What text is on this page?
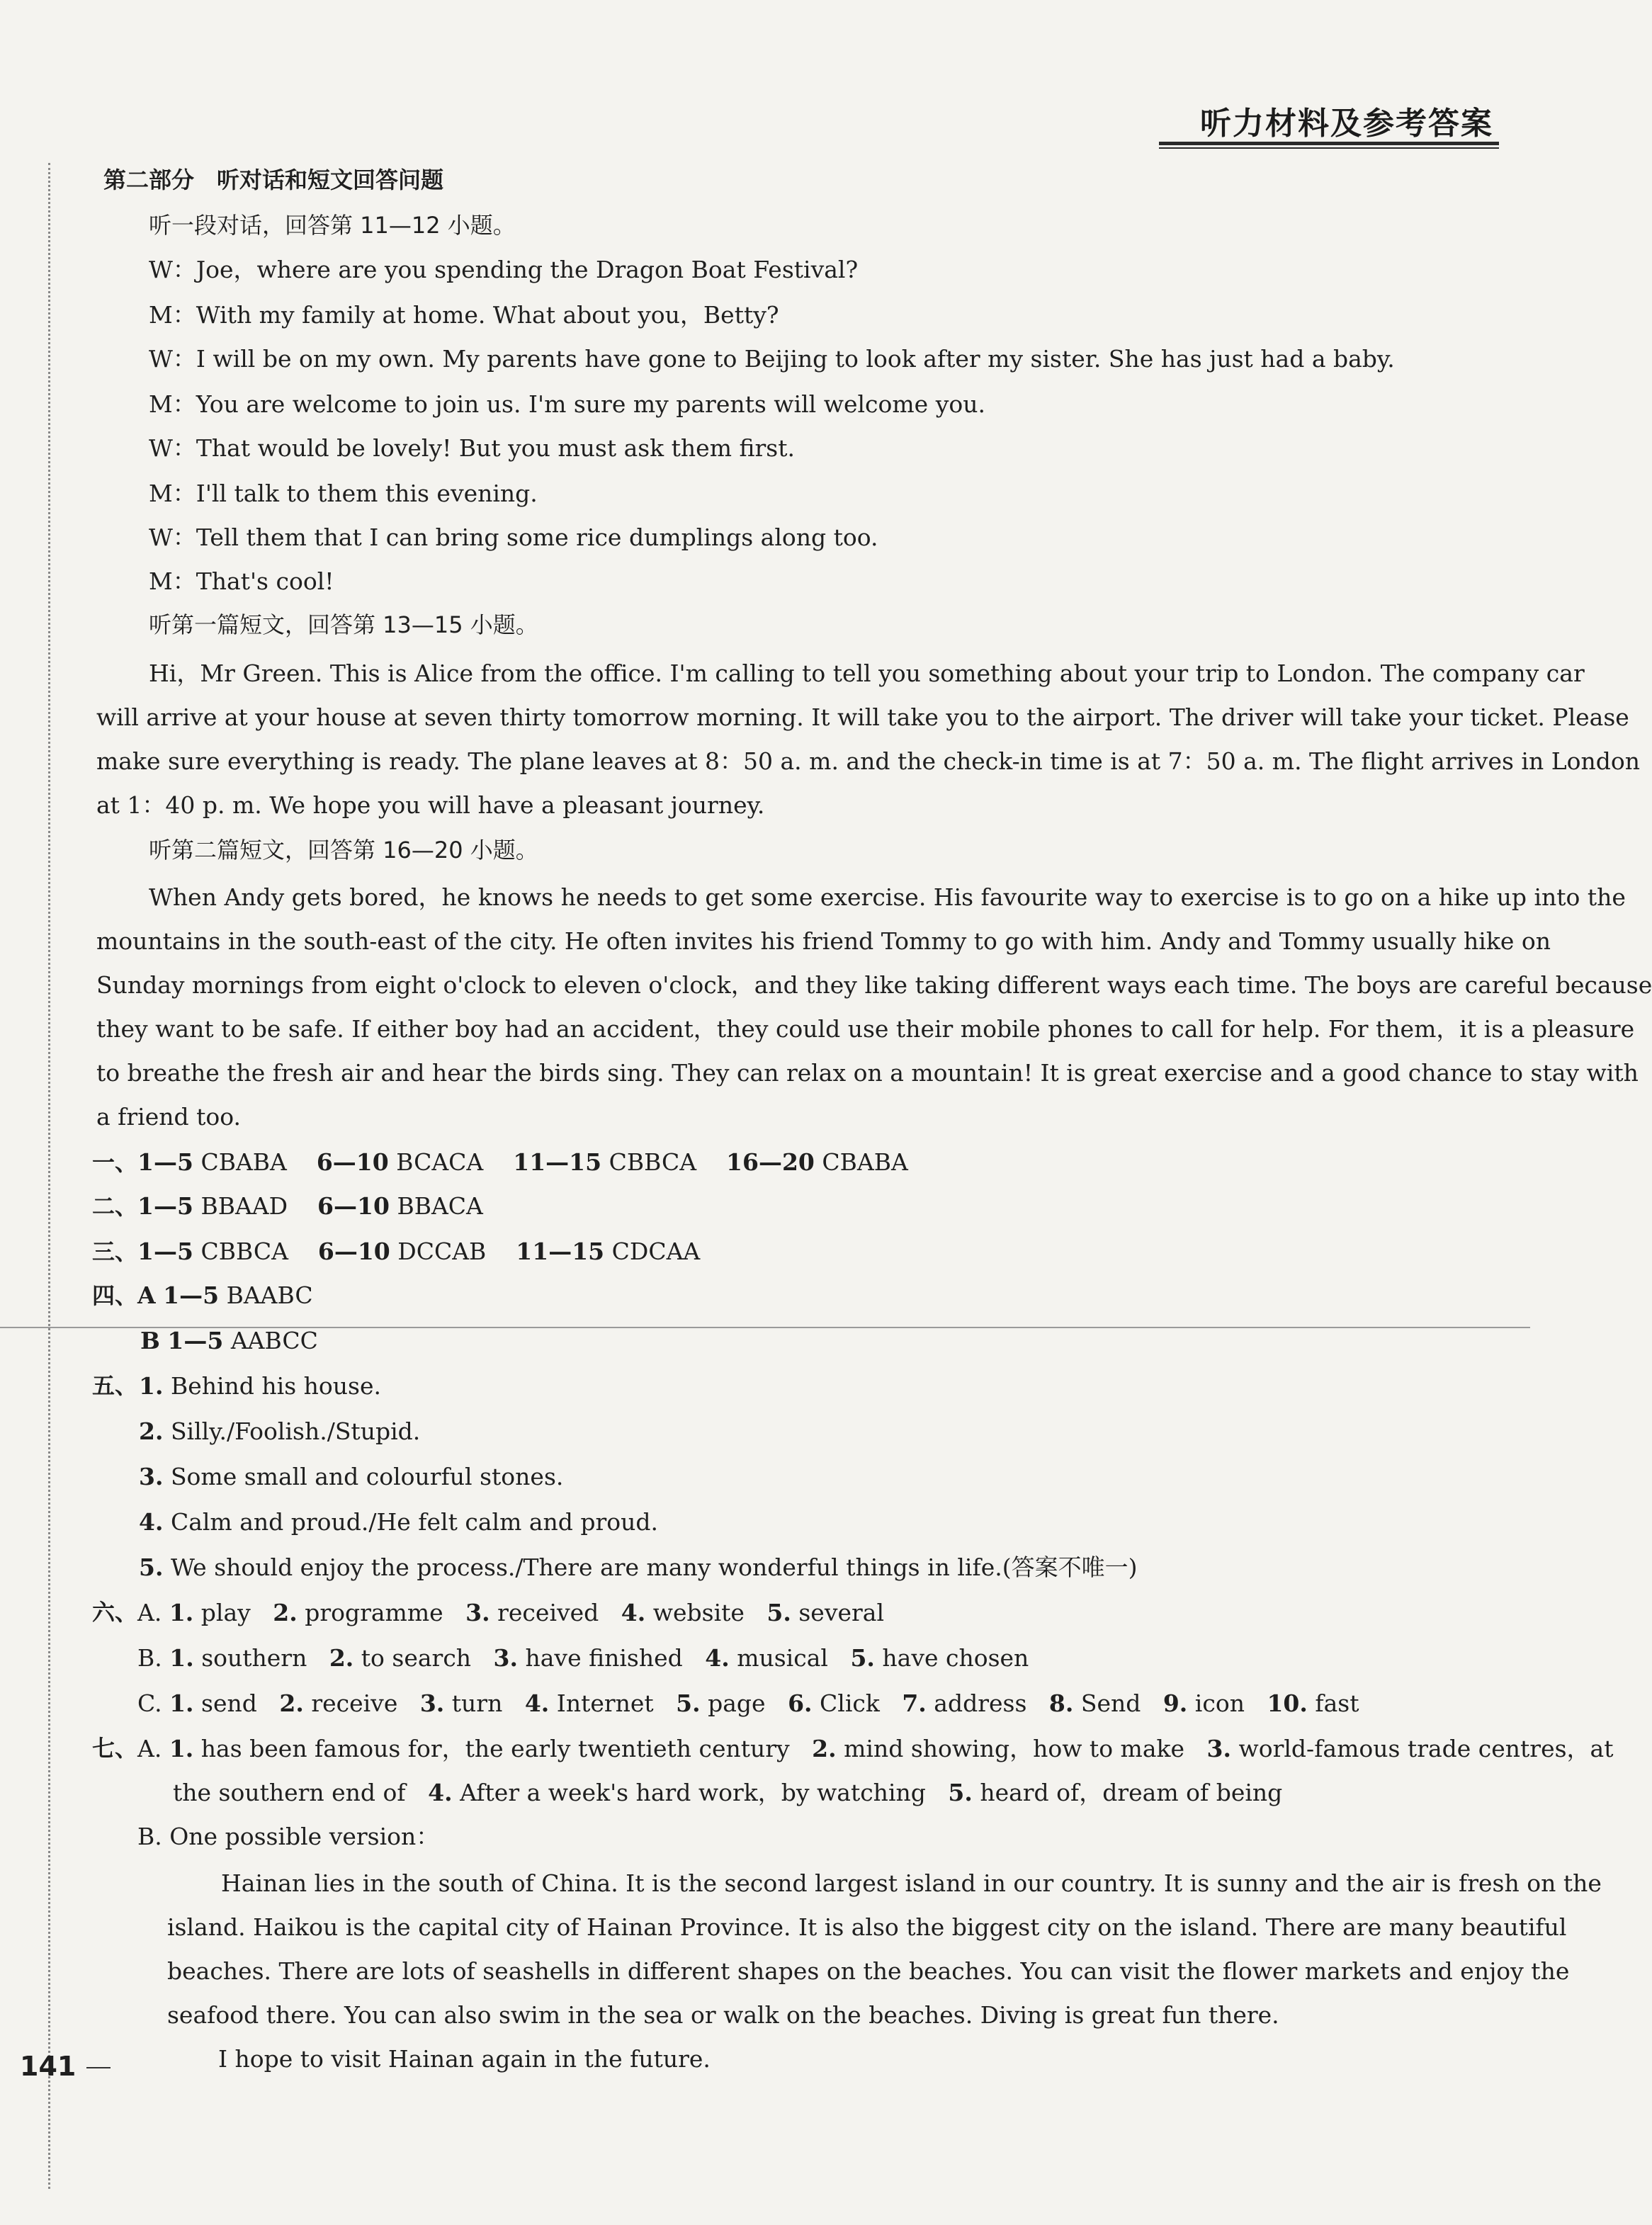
听力材料及参考答案
第二部分　听对话和短文回答问题
听一段对话，回答第 11—12 小题。
W：Joe，where are you spending the Dragon Boat Festival?
M：With my family at home. What about you，Betty?
W：I will be on my own. My parents have gone to Beijing to look after my sister. She has just had a baby.
M：You are welcome to join us. I'm sure my parents will welcome you.
W：That would be lovely! But you must ask them first.
M：I'll talk to them this evening.
W：Tell them that I can bring some rice dumplings along too.
M：That's cool!
听第一篇短文，回答第 13—15 小题。
Hi，Mr Green. This is Alice from the office. I'm calling to tell you something about your trip to London. The company car
will arrive at your house at seven thirty tomorrow morning. It will take you to the airport. The driver will take your ticket. Please
make sure everything is ready. The plane leaves at 8：50 a. m. and the check-in time is at 7：50 a. m. The flight arrives in London
at 1：40 p. m. We hope you will have a pleasant journey.
听第二篇短文，回答第 16—20 小题。
When Andy gets bored，he knows he needs to get some exercise. His favourite way to exercise is to go on a hike up into the
mountains in the south-east of the city. He often invites his friend Tommy to go with him. Andy and Tommy usually hike on
Sunday mornings from eight o'clock to eleven o'clock，and they like taking different ways each time. The boys are careful because
they want to be safe. If either boy had an accident，they could use their mobile phones to call for help. For them，it is a pleasure
to breathe the fresh air and hear the birds sing. They can relax on a mountain! It is great exercise and a good chance to stay with
a friend too.
一、1—5 CBABA 6—10 BCACA 11—15 CBBCA 16—20 CBABA
二、1—5 BBAAD 6—10 BBACA
三、1—5 CBBCA 6—10 DCCAB 11—15 CDCAA
四、A 1—5 BAABC
B 1—5 AABCC
五、 1. Behind his house.
2. Silly./Foolish./Stupid.
3. Some small and colourful stones.
4. Calm and proud./He felt calm and proud.
5. We should enjoy the process./There are many wonderful things in life.(答案不唯一)
六、 A. 1. play 2. programme 3. received 4. website 5. several
B. 1. southern 2. to search 3. have finished 4. musical 5. have chosen
C. 1. send 2. receive 3. turn 4. Internet 5. page 6. Click 7. address 8. Send 9. icon 10. fast
七、 A. 1. has been famous for，the early twentieth century 2. mind showing，how to make 3. world-famous trade centres，at
the southern end of 4. After a week's hard work，by watching 5. heard of，dream of being
B. One possible version：
Hainan lies in the south of China. It is the second largest island in our country. It is sunny and the air is fresh on the
island. Haikou is the capital city of Hainan Province. It is also the biggest city on the island. There are many beautiful
beaches. There are lots of seashells in different shapes on the beaches. You can visit the flower markets and enjoy the
seafood there. You can also swim in the sea or walk on the beaches. Diving is great fun there.
I hope to visit Hainan again in the future.
141
